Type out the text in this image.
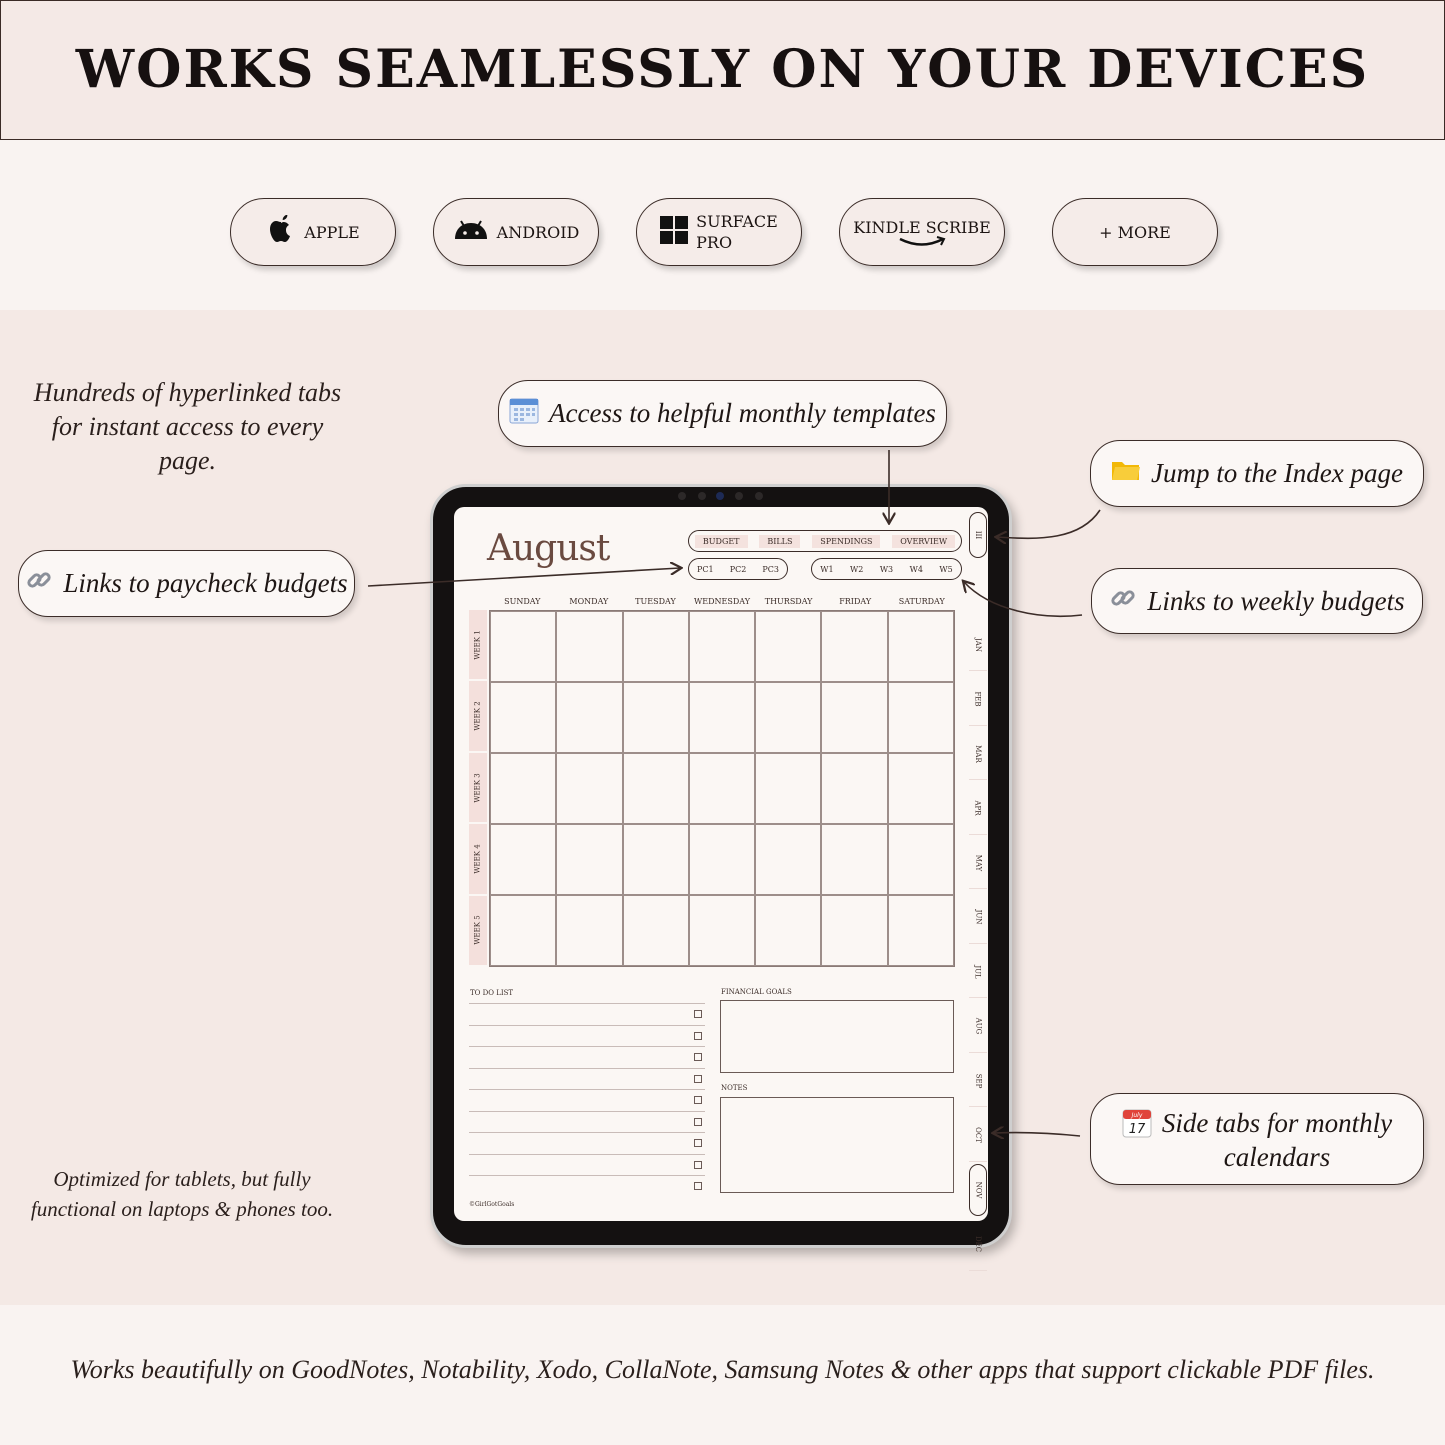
WORKS SEAMLESSLY ON YOUR DEVICES
APPLE	ANDROID
SURFACE
PRO
KINDLE SCRIBE	+ MORE
Hundreds of hyperlinked tabs
for instant access to every page.
Optimized for tablets, but fully
functional on laptops & phones too.
Access to helpful monthly templates
Jump to the Index page
Links to paycheck budgets
Links to weekly budgets
July
17 Side tabs for monthly
calendars
August	BUDGET	BILLS	SPENDINGS	OVERVIEW
PC1	PC2	PC3	W1	W2	W3	W4	W5
SUNDAY	MONDAY	TUESDAY	WEDNESDAY	THURSDAY	FRIDAY	SATURDAY
WEEK 1
WEEK 2
WEEK 3
WEEK 4
WEEK 5
III
JAN
FEB
MAR
APR
MAY
JUN
JUL
AUG
SEP
OCT
NOV
DEC
TO DO LIST	FINANCIAL GOALS
NOTES
©GirlGotGoals
Works beautifully on GoodNotes, Notability, Xodo, CollaNote, Samsung Notes & other apps that support clickable PDF files.
